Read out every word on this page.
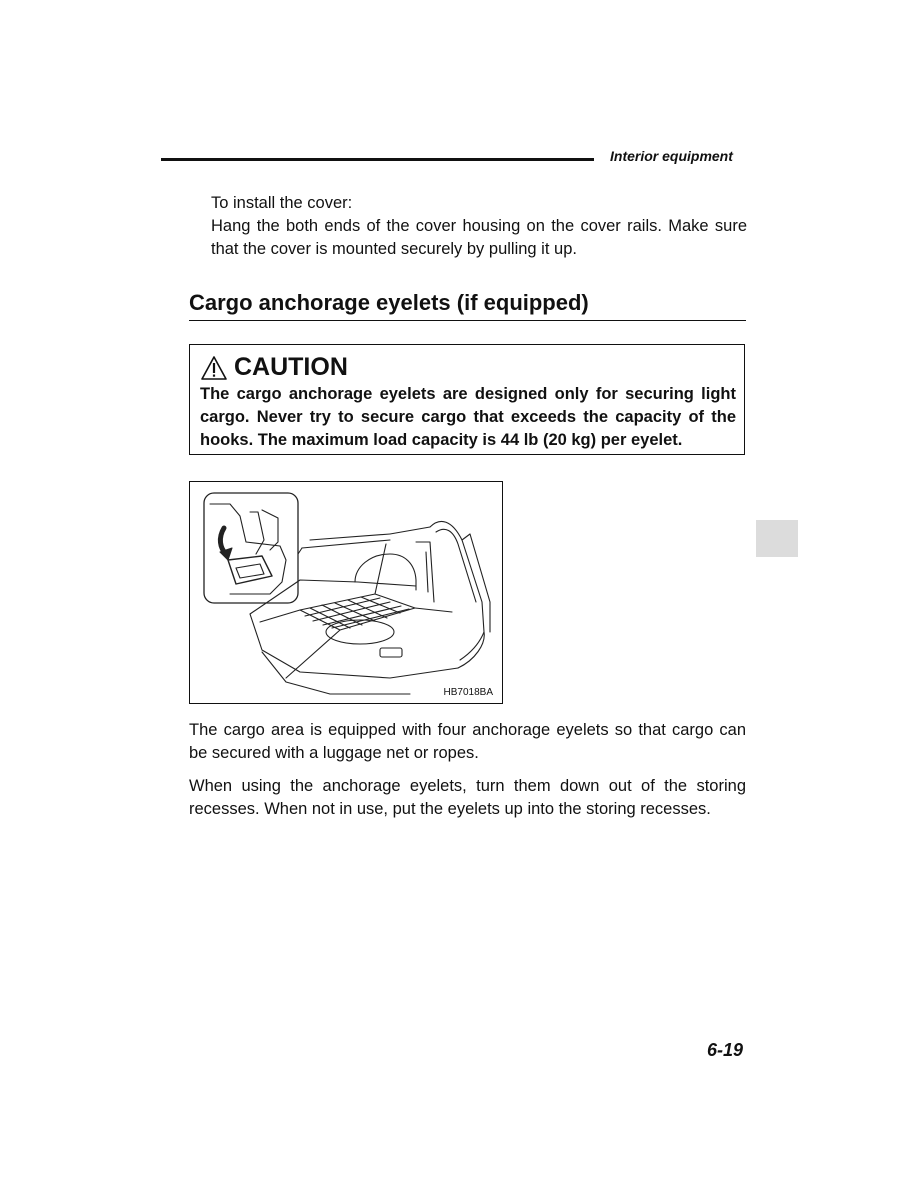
Interior equipment

To install the cover:

Hang the both ends of the cover housing on the cover rails. Make sure that the cover is mounted securely by pulling it up.

Cargo anchorage eyelets (if equipped)
CAUTION

The cargo anchorage eyelets are designed only for securing light cargo. Never try to secure cargo that exceeds the capacity of the hooks. The maximum load capacity is 44 lb (20 kg) per eyelet.

HB7018BA

The cargo area is equipped with four anchorage eyelets so that cargo can be secured with a luggage net or ropes.

When using the anchorage eyelets, turn them down out of the storing recesses. When not in use, put the eyelets up into the storing recesses.

6-19
